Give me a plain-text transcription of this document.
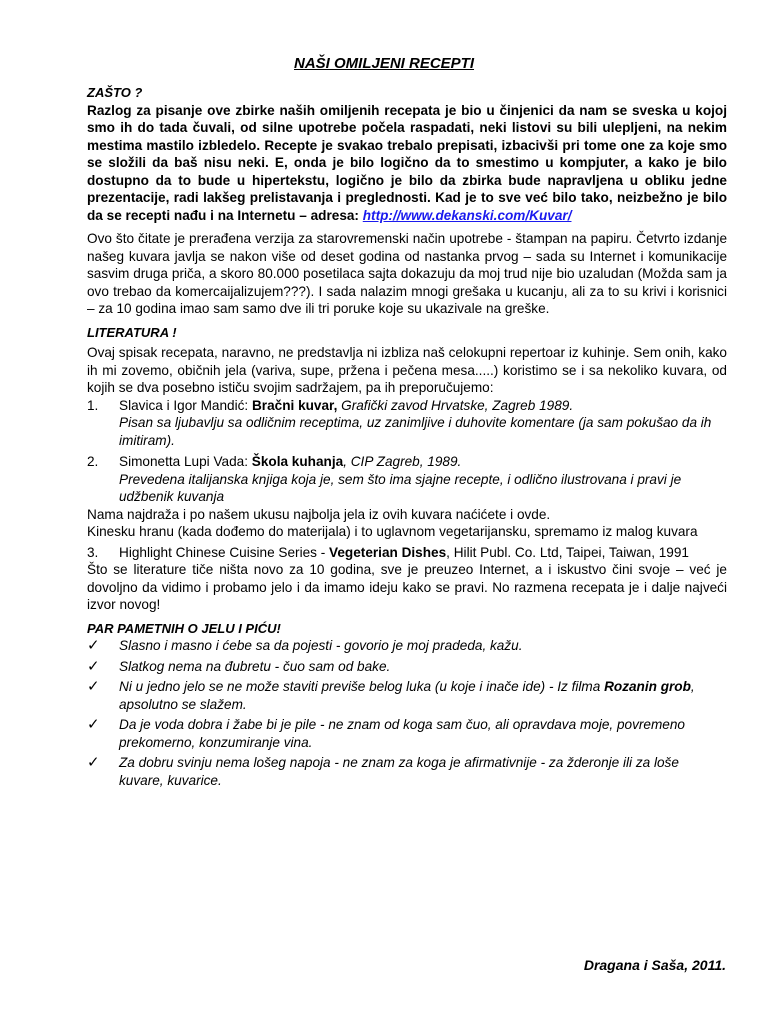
NAŠI OMILJENI RECEPTI

ZAŠTO ?

Razlog za pisanje ove zbirke naših omiljenih recepata je bio u činjenici da nam se sveska u kojoj smo ih do tada čuvali, od silne upotrebe počela raspadati, neki listovi su bili ulepljeni, na nekim mestima mastilo izbledelo. Recepte je svakao trebalo prepisati, izbacivši pri tome one za koje smo se složili da baš nisu neki. E, onda je bilo logično da to smestimo u kompjuter, a kako je bilo dostupno da to bude u hipertekstu, logično je bilo da zbirka bude napravljena u obliku jedne prezentacije, radi lakšeg prelistavanja i preglednosti. Kad je to sve već bilo tako, neizbežno je bilo da se recepti nađu i na Internetu – adresa: http://www.dekanski.com/Kuvar/

Ovo što čitate je prerađena verzija za starovremenski način upotrebe - štampan na papiru. Četvrto izdanje našeg kuvara javlja se nakon više od deset godina od nastanka prvog – sada su Internet i komunikacije sasvim druga priča, a skoro 80.000 posetilaca sajta dokazuju da moj trud nije bio uzaludan (Možda sam ja ovo trebao da komercaijalizujem???). I sada nalazim mnogi grešaka u kucanju, ali za to su krivi i korisnici – za 10 godina imao sam samo dve ili tri poruke koje su ukazivale na greške.

LITERATURA !

Ovaj spisak recepata, naravno, ne predstavlja ni izbliza naš celokupni repertoar iz kuhinje. Sem onih, kako ih mi zovemo, običnih jela (variva, supe, pržena i pečena mesa.....) koristimo se i sa nekoliko kuvara, od kojih se dva posebno ističu svojim sadržajem, pa ih preporučujemo:

1.	Slavica i Igor Mandić: Bračni kuvar, Grafički zavod Hrvatske, Zagreb 1989.
Pisan sa ljubavlju sa odličnim receptima, uz zanimljive i duhovite komentare (ja sam pokušao da ih imitiram).
2.	Simonetta Lupi Vada: Škola kuhanja, CIP Zagreb, 1989.
Prevedena italijanska knjiga koja je, sem što ima sjajne recepte, i odlično ilustrovana i pravi je udžbenik kuvanja

Nama najdraža i po našem ukusu najbolja jela iz ovih kuvara naćićete i ovde.

Kinesku hranu (kada dođemo do materijala) i to uglavnom vegetarijansku, spremamo iz malog kuvara

3.	Highlight Chinese Cuisine Series - Vegeterian Dishes, Hilit Publ. Co. Ltd, Taipei, Taiwan, 1991

Što se literature tiče ništa novo za 10 godina, sve je preuzeo Internet, a i iskustvo čini svoje – već je dovoljno da vidimo i probamo jelo i da imamo ideju kako se pravi. No razmena recepata je i dalje najveći izvor novog!

PAR PAMETNIH O JELU I PIĆU!

✓	Slasno i masno i ćebe sa da pojesti - govorio je moj pradeda, kažu.
✓	Slatkog nema na đubretu - čuo sam od bake.
✓	Ni u jedno jelo se ne može staviti previše belog luka (u koje i inače ide) - Iz filma Rozanin grob, apsolutno se slažem.
✓	Da je voda dobra i žabe bi je pile - ne znam od koga sam čuo, ali opravdava moje, povremeno prekomerno, konzumiranje vina.
✓	Za dobru svinju nema lošeg napoja - ne znam za koga je afirmativnije - za žderonje ili za loše kuvare, kuvarice.
Dragana i Saša, 2011.
